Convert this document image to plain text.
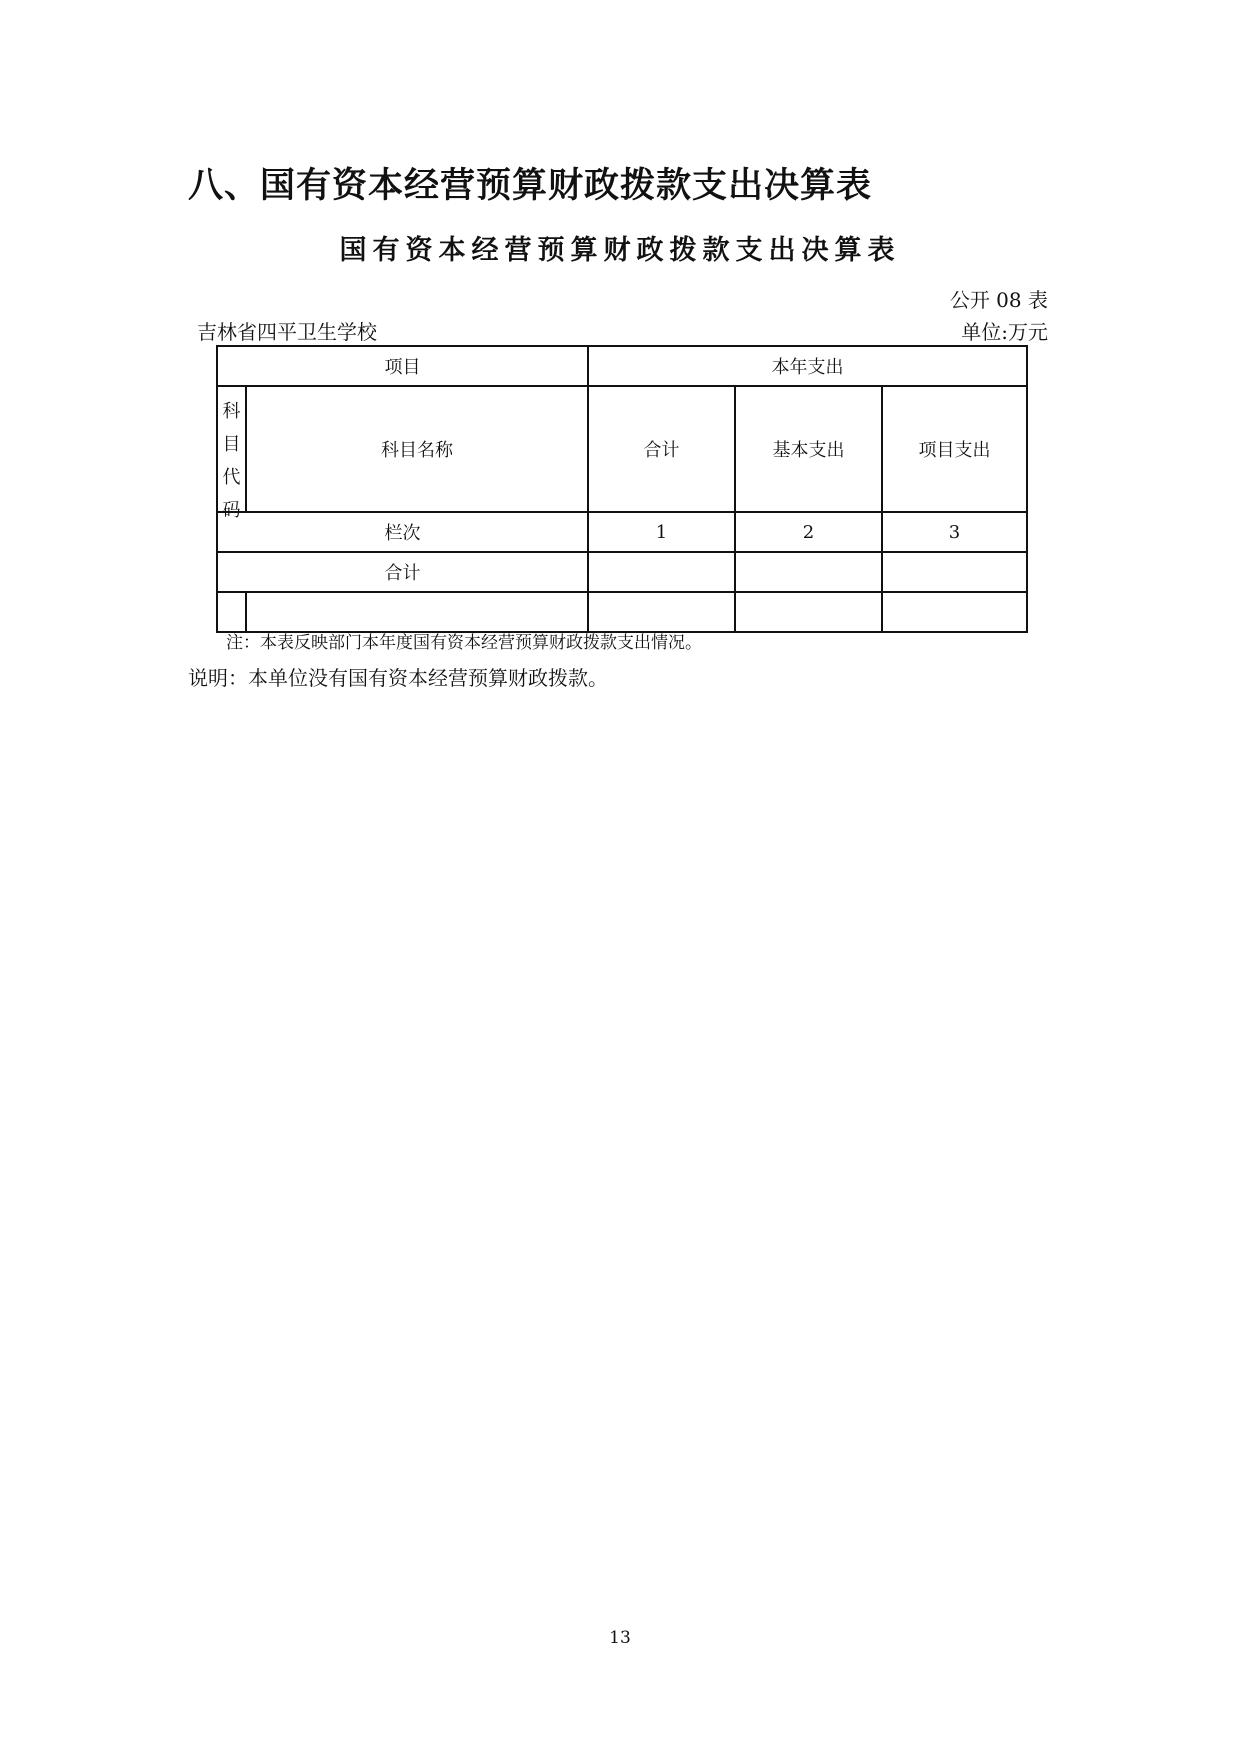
八、国有资本经营预算财政拨款支出决算表
国有资本经营预算财政拨款支出决算表
公开 08 表
吉林省四平卫生学校	单位:万元
项目		本年支出		

科目代码	科目名称	合计	基本支出	项目支出
栏次		1	2	3
合计				

注：本表反映部门本年度国有资本经营预算财政拨款支出情况。
说明：本单位没有国有资本经营预算财政拨款。
13
